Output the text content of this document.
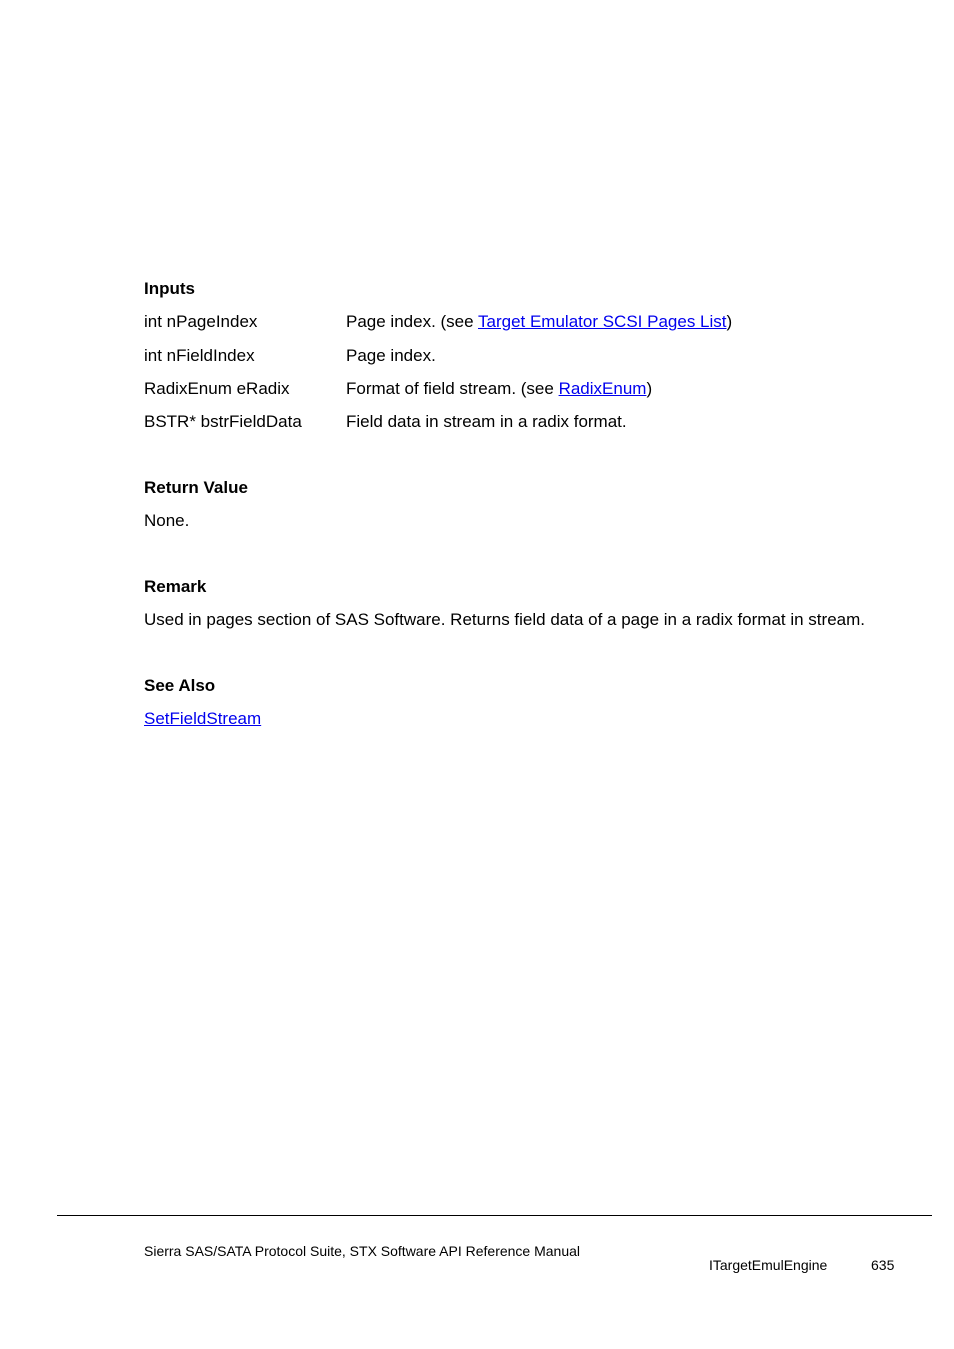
Inputs
int nPageIndex	Page index. (see Target Emulator SCSI Pages List)
int nFieldIndex	Page index.
RadixEnum eRadix	Format of field stream. (see RadixEnum)
BSTR* bstrFieldData	Field data in stream in a radix format.
Return Value
None.
Remark
Used in pages section of SAS Software. Returns field data of a page in a radix format in stream.
See Also
SetFieldStream
Sierra SAS/SATA Protocol Suite, STX Software API Reference Manual
ITargetEmulEngine	635
